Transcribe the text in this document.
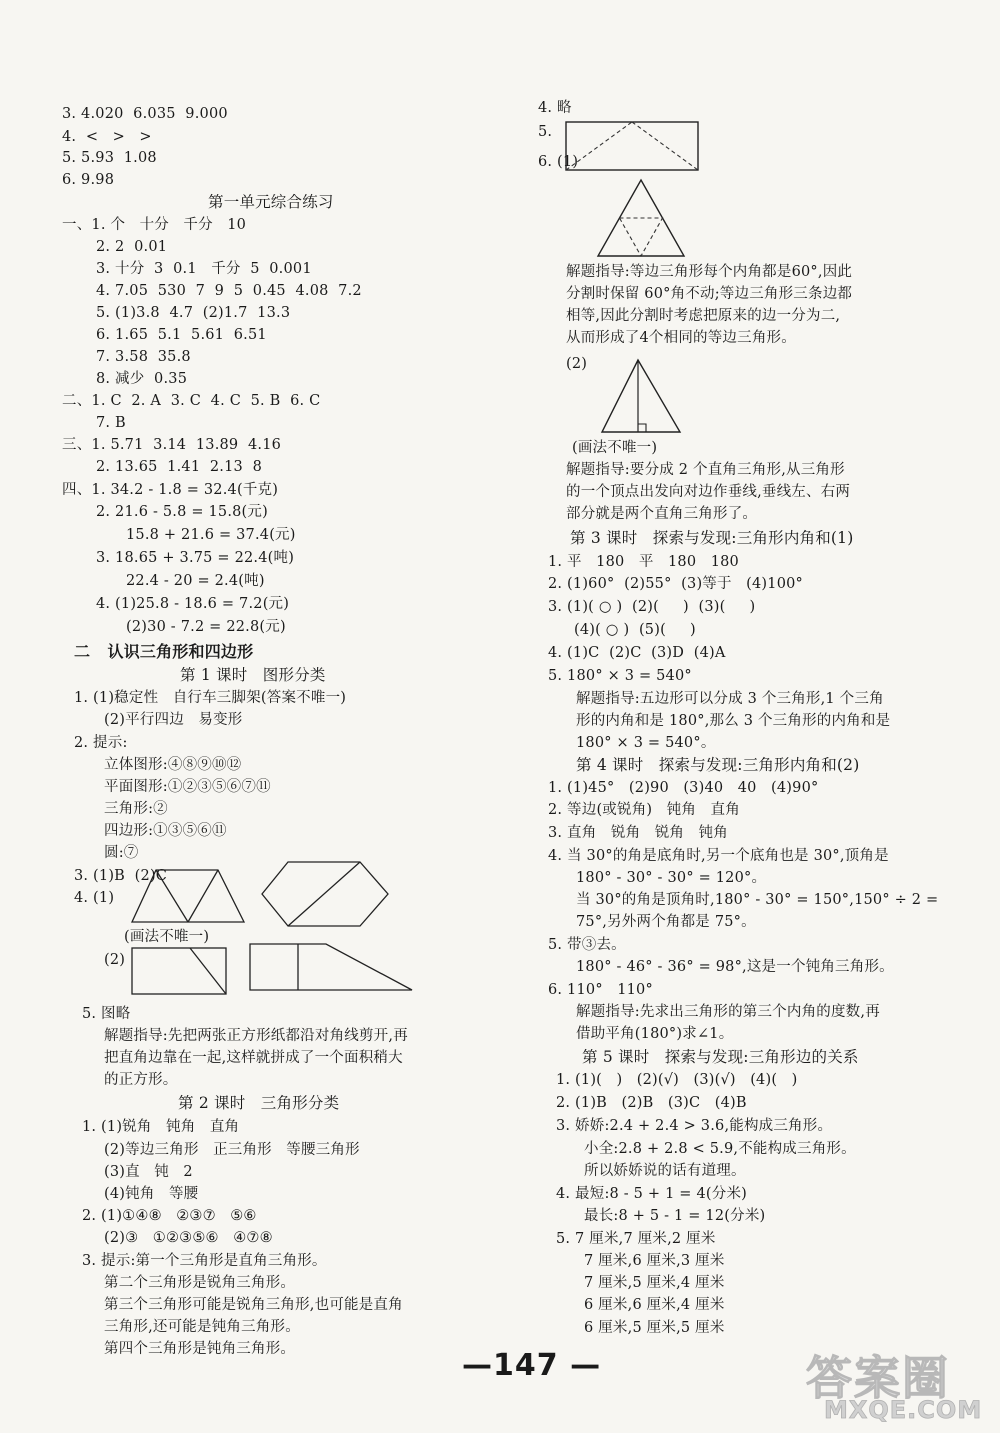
3. 4.020  6.035  9.000
4.  <   >   >
5. 5.93  1.08
6. 9.98
第一单元综合练习
一、1. 个   十分   千分   10
2. 2  0.01
3. 十分  3  0.1   千分  5  0.001
4. 7.05  530  7  9  5  0.45  4.08  7.2
5. (1)3.8  4.7  (2)1.7  13.3
6. 1.65  5.1  5.61  6.51
7. 3.58  35.8
8. 减少  0.35
二、1. C  2. A  3. C  4. C  5. B  6. C
7. B
三、1. 5.71  3.14  13.89  4.16
2. 13.65  1.41  2.13  8
四、1. 34.2 - 1.8 = 32.4(千克)
2. 21.6 - 5.8 = 15.8(元)
15.8 + 21.6 = 37.4(元)
3. 18.65 + 3.75 = 22.4(吨)
22.4 - 20 = 2.4(吨)
4. (1)25.8 - 18.6 = 7.2(元)
(2)30 - 7.2 = 22.8(元)
二   认识三角形和四边形
第 1 课时   图形分类
1. (1)稳定性   自行车三脚架(答案不唯一)
(2)平行四边   易变形
2. 提示:
立体图形:④⑧⑨⑩⑫
平面图形:①②③⑤⑥⑦⑪
三角形:②
四边形:①③⑤⑥⑪
圆:⑦
3. (1)B  (2)C
4. (1)
(画法不唯一)
(2)
5. 图略
解题指导:先把两张正方形纸都沿对角线剪开,再
把直角边靠在一起,这样就拼成了一个面积稍大
的正方形。
第 2 课时   三角形分类
1. (1)锐角   钝角   直角
(2)等边三角形   正三角形   等腰三角形
(3)直   钝   2
(4)钝角   等腰
2. (1)①④⑧   ②③⑦   ⑤⑥
(2)③   ①②③⑤⑥   ④⑦⑧
3. 提示:第一个三角形是直角三角形。
第二个三角形是锐角三角形。
第三个三角形可能是锐角三角形,也可能是直角
三角形,还可能是钝角三角形。
第四个三角形是钝角三角形。
4. 略
5.
6. (1)
解题指导:等边三角形每个内角都是60°,因此
分割时保留 60°角不动;等边三角形三条边都
相等,因此分割时考虑把原来的边一分为二,
从而形成了4个相同的等边三角形。
(2)
(画法不唯一)
解题指导:要分成 2 个直角三角形,从三角形
的一个顶点出发向对边作垂线,垂线左、右两
部分就是两个直角三角形了。
第 3 课时   探索与发现:三角形内角和(1)
1. 平   180   平   180   180
2. (1)60°  (2)55°  (3)等于   (4)100°
3. (1)( ○ )  (2)(     )  (3)(     )
(4)( ○ )  (5)(     )
4. (1)C  (2)C  (3)D  (4)A
5. 180° × 3 = 540°
解题指导:五边形可以分成 3 个三角形,1 个三角
形的内角和是 180°,那么 3 个三角形的内角和是
180° × 3 = 540°。
第 4 课时   探索与发现:三角形内角和(2)
1. (1)45°   (2)90   (3)40   40   (4)90°
2. 等边(或锐角)   钝角   直角
3. 直角   锐角   锐角   钝角
4. 当 30°的角是底角时,另一个底角也是 30°,顶角是
180° - 30° - 30° = 120°。
当 30°的角是顶角时,180° - 30° = 150°,150° ÷ 2 =
75°,另外两个角都是 75°。
5. 带③去。
180° - 46° - 36° = 98°,这是一个钝角三角形。
6. 110°   110°
解题指导:先求出三角形的第三个内角的度数,再
借助平角(180°)求∠1。
第 5 课时   探索与发现:三角形边的关系
1. (1)(   )   (2)(√)   (3)(√)   (4)(   )
2. (1)B   (2)B   (3)C   (4)B
3. 娇娇:2.4 + 2.4 > 3.6,能构成三角形。
小全:2.8 + 2.8 < 5.9,不能构成三角形。
所以娇娇说的话有道理。
4. 最短:8 - 5 + 1 = 4(分米)
最长:8 + 5 - 1 = 12(分米)
5. 7 厘米,7 厘米,2 厘米
7 厘米,6 厘米,3 厘米
7 厘米,5 厘米,4 厘米
6 厘米,6 厘米,4 厘米
6 厘米,5 厘米,5 厘米
—147 —	答案圈
MXQE.COM
